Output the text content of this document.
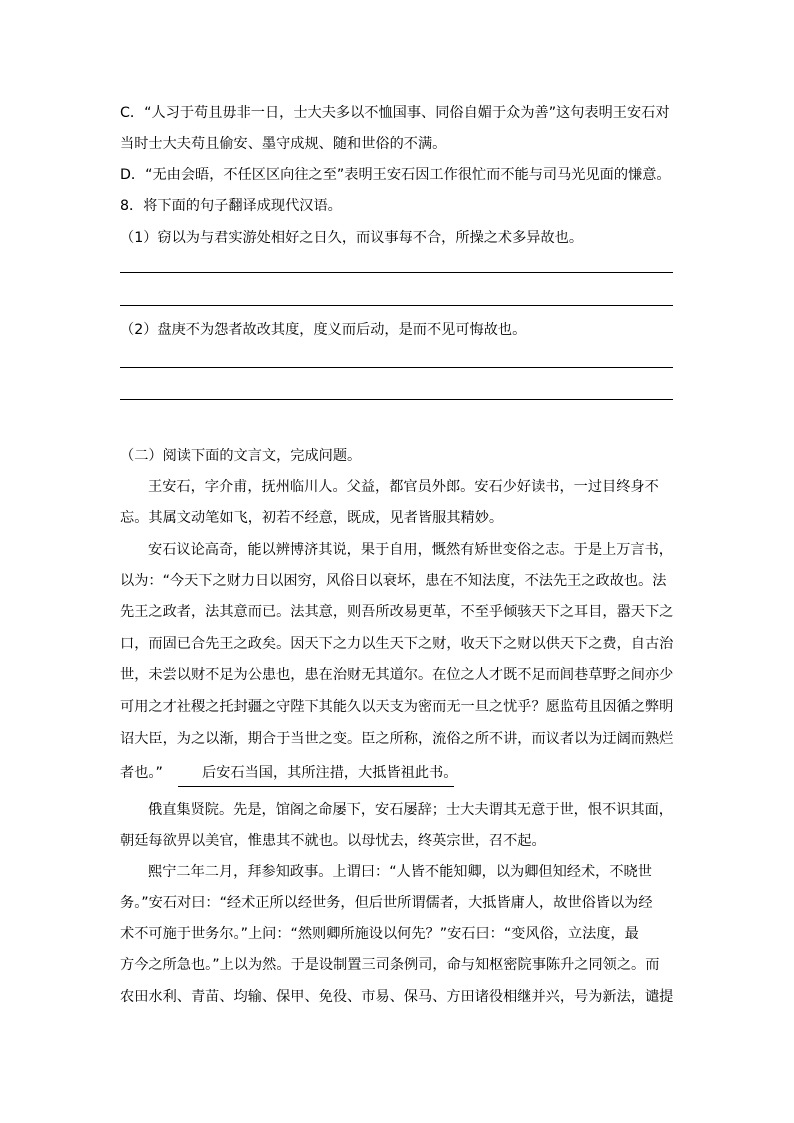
C．“人习于苟且毋非一日，士大夫多以不恤国事、同俗自媚于众为善”这句表明王安石对
当时士大夫苟且偷安、墨守成规、随和世俗的不满。
D．“无由会晤，不任区区向往之至”表明王安石因工作很忙而不能与司马光见面的慊意。
8．将下面的句子翻译成现代汉语。
（1）窃以为与君实游处相好之日久，而议事每不合，所操之术多异故也。
（2）盘庚不为怨者故改其度，度义而后动，是而不见可悔故也。
（二）阅读下面的文言文，完成问题。
王安石，字介甫，抚州临川人。父益，都官员外郎。安石少好读书，一过目终身不
忘。其属文动笔如飞，初若不经意，既成，见者皆服其精妙。
安石议论高奇，能以辨博济其说，果于自用，慨然有矫世变俗之志。于是上万言书，
以为：“今天下之财力日以困穷，风俗日以衰坏，患在不知法度，不法先王之政故也。法
先王之政者，法其意而已。法其意，则吾所改易更革，不至乎倾骇天下之耳目，嚣天下之
口，而固已合先王之政矣。因天下之力以生天下之财，收天下之财以供天下之费，自古治
世，未尝以财不足为公患也，患在治财无其道尔。在位之人才既不足而闾巷草野之间亦少
可用之才社稷之托封疆之守陛下其能久以天支为密而无一旦之忧乎？愿监苟且因循之弊明
诏大臣，为之以渐，期合于当世之变。臣之所称，流俗之所不讲，而议者以为迂阔而熟烂
者也。”	后安石当国，其所注措，大抵皆祖此书。
俄直集贤院。先是，馆阁之命屡下，安石屡辞；士大夫谓其无意于世，恨不识其面，
朝廷每欲畀以美官，惟患其不就也。以母忧去，终英宗世，召不起。
熙宁二年二月，拜参知政事。上谓曰：“人皆不能知卿，以为卿但知经术，不晓世
务。”安石对曰：“经术正所以经世务，但后世所谓儒者，大抵皆庸人，故世俗皆以为经
术不可施于世务尔。”上问：“然则卿所施设以何先？”安石曰：“变风俗，立法度，最
方今之所急也。”上以为然。于是设制置三司条例司，命与知枢密院事陈升之同领之。而
农田水利、青苗、均输、保甲、免役、市易、保马、方田诸役相继并兴，号为新法，谴提
